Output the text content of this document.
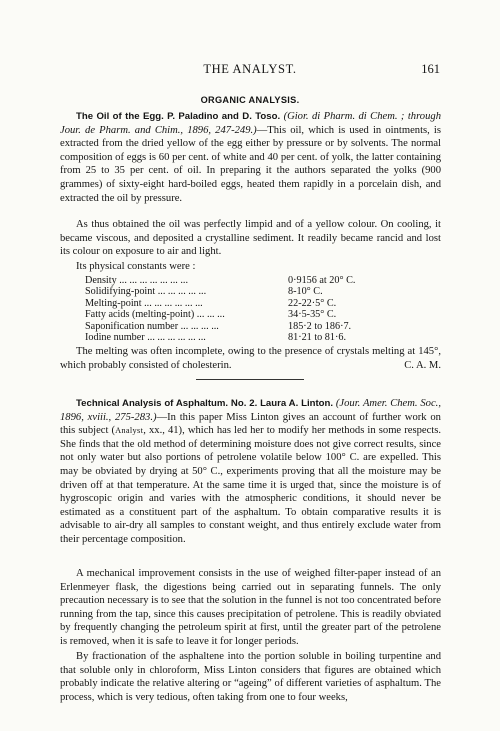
THE ANALYST.	161
ORGANIC ANALYSIS.

The Oil of the Egg. P. Paladino and D. Toso. (Gior. di Pharm. di Chem. ; through Jour. de Pharm. and Chim., 1896, 247-249.)—This oil, which is used in ointments, is extracted from the dried yellow of the egg either by pressure or by solvents. The normal composition of eggs is 60 per cent. of white and 40 per cent. of yolk, the latter containing from 25 to 35 per cent. of oil. In preparing it the authors separated the yolks (900 grammes) of sixty-eight hard-boiled eggs, heated them rapidly in a porcelain dish, and extracted the oil by pressure.

As thus obtained the oil was perfectly limpid and of a yellow colour. On cooling, it became viscous, and deposited a crystalline sediment. It readily became rancid and lost its colour on exposure to air and light.

Its physical constants were :

Density ... ... ... ... ... ... ...	0·9156 at 20° C.
Solidifying-point ... ... ... ... ...	8-10° C.
Melting-point ... ... ... ... ... ...	22-22·5° C.
Fatty acids (melting-point) ... ... ...	34·5-35° C.
Saponification number ... ... ... ...	185·2 to 186·7.
Iodine number ... ... ... ... ... ...	81·21 to 81·6.

The melting was often incomplete, owing to the presence of crystals melting at 145°, which probably consisted of cholesterin.	C. A. M.

Technical Analysis of Asphaltum. No. 2. Laura A. Linton. (Jour. Amer. Chem. Soc., 1896, xviii., 275-283.)—In this paper Miss Linton gives an account of further work on this subject (Analyst, xx., 41), which has led her to modify her methods in some respects. She finds that the old method of determining moisture does not give correct results, since not only water but also portions of petrolene volatile below 100° C. are expelled. This may be obviated by drying at 50° C., experiments proving that all the moisture may be driven off at that temperature. At the same time it is urged that, since the moisture is of hygroscopic origin and varies with the atmospheric conditions, it should never be estimated as a constituent part of the asphaltum. To obtain comparative results it is advisable to air-dry all samples to constant weight, and thus entirely exclude water from their percentage composition.

A mechanical improvement consists in the use of weighed filter-paper instead of an Erlenmeyer flask, the digestions being carried out in separating funnels. The only precaution necessary is to see that the solution in the funnel is not too concentrated before running from the tap, since this causes precipitation of petrolene. This is readily obviated by frequently changing the petroleum spirit at first, until the greater part of the petrolene is removed, when it is safe to leave it for longer periods.

By fractionation of the asphaltene into the portion soluble in boiling turpentine and that soluble only in chloroform, Miss Linton considers that figures are obtained which probably indicate the relative altering or “ageing” of different varieties of asphaltum. The process, which is very tedious, often taking from one to four weeks,
